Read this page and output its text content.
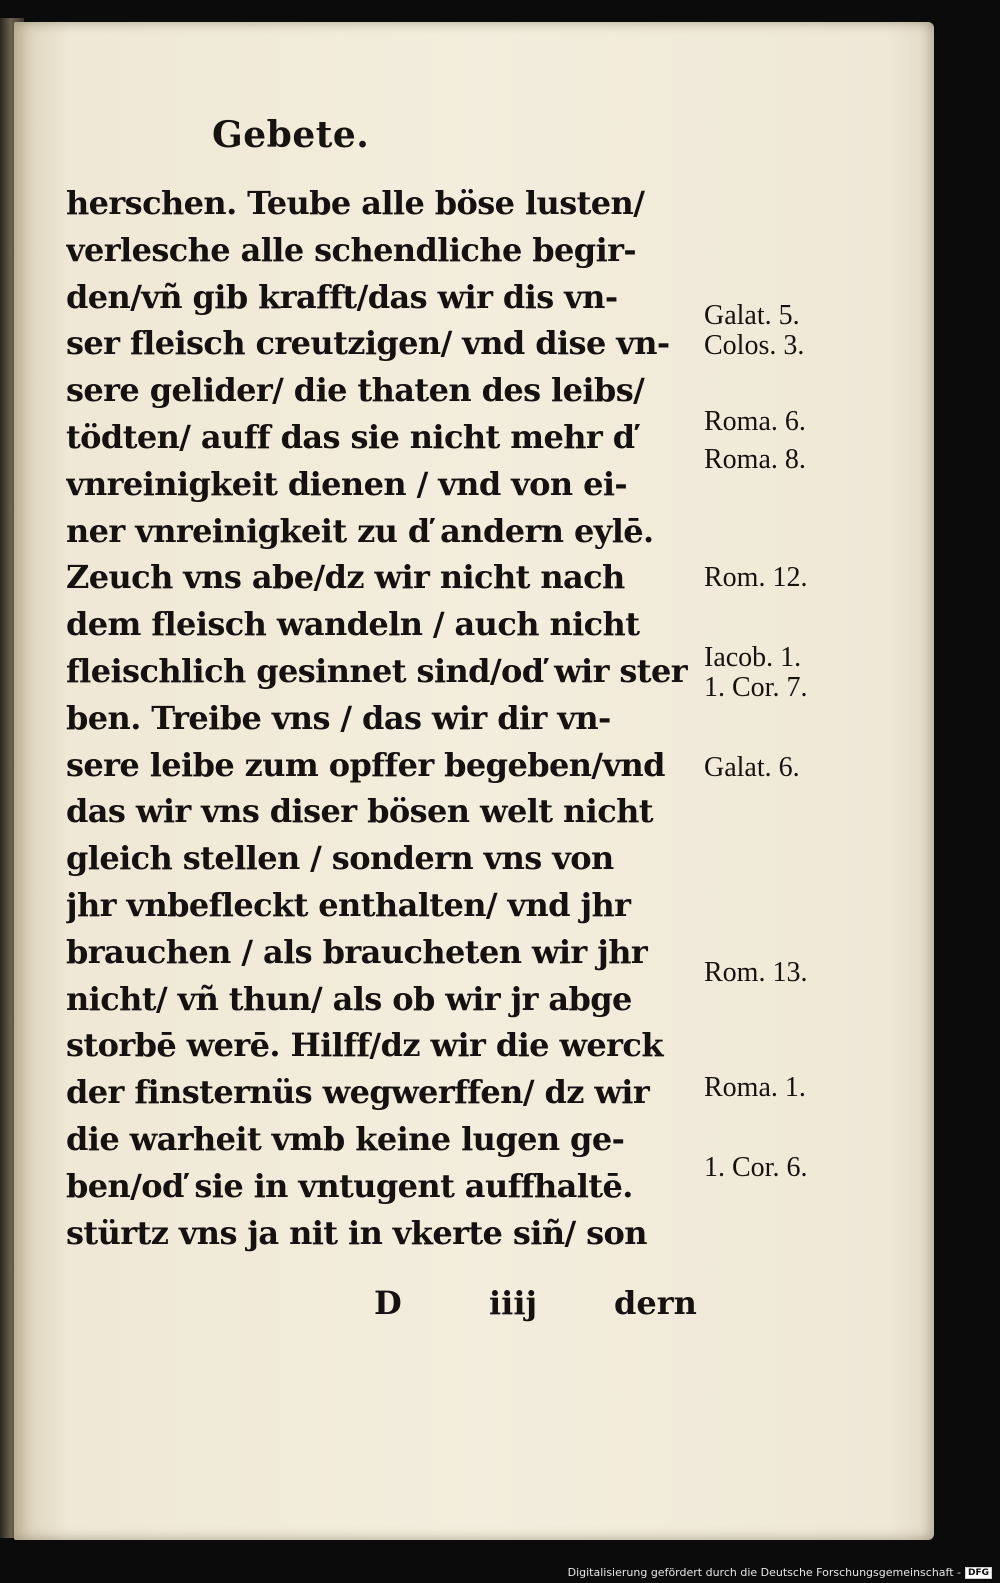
Gebete.
herschen. Teube alle böse lusten/
verlesche alle schendliche begir-
den/vñ gib krafft/das wir dis vn-
ser fleisch creutzigen/ vnd dise vn-
sere gelider/ die thaten des leibs/
tödten/ auff das sie nicht mehr ď
vnreinigkeit dienen / vnd von ei-
ner vnreinigkeit zu ď andern eylē.
Zeuch vns abe/dz wir nicht nach
dem fleisch wandeln / auch nicht
fleischlich gesinnet sind/oď wir ster
ben. Treibe vns / das wir dir vn-
sere leibe zum opffer begeben/vnd
das wir vns diser bösen welt nicht
gleich stellen / sondern vns von
jhr vnbefleckt enthalten/ vnd jhr
brauchen / als braucheten wir jhr
nicht/ vñ thun/ als ob wir jr abge
storbē werē. Hilff/dz wir die werck
der finsternüs wegwerffen/ dz wir
die warheit vmb keine lugen ge-
ben/oď sie in vntugent auffhaltē.
stürtz vns ja nit in vkerte siñ/ son
Galat. 5.
Colos. 3.
Roma. 6.
Roma. 8.
Rom. 12.
Iacob. 1.
1. Cor. 7.
Galat. 6.
Rom. 13.
Roma. 1.
1. Cor. 6.
D	iiij dern
Digitalisierung gefördert durch die Deutsche Forschungsgemeinschaft - DFG
